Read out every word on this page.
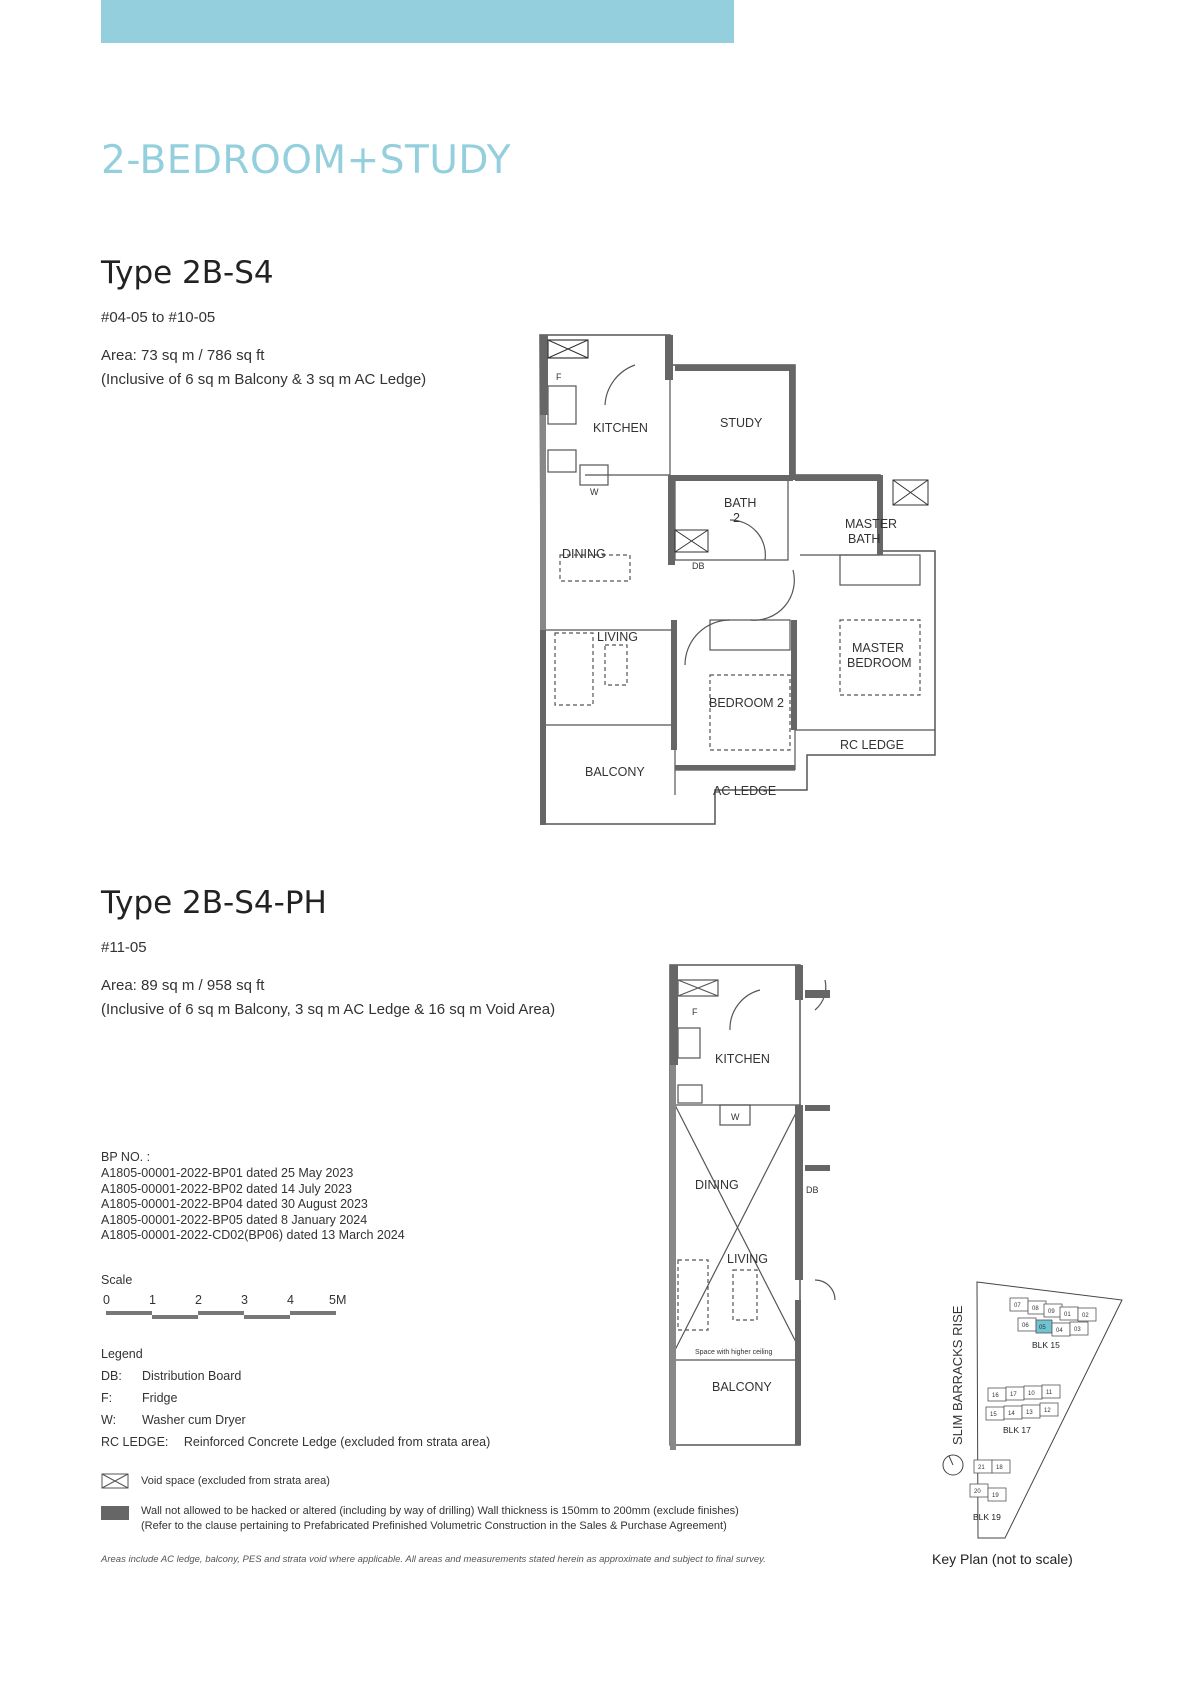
2-BEDROOM+STUDY
Type 2B-S4
#04-05 to #10-05
Area: 73 sq m / 786 sq ft
(Inclusive of 6 sq m Balcony & 3 sq m AC Ledge)
KITCHEN	STUDY
BATH
2	MASTER
BATH
DINING
LIVING
MASTER
BEDROOM
BEDROOM 2
RC LEDGE
BALCONY
AC LEDGE
DB
F
W
Type 2B-S4-PH
#11-05
Area: 89 sq m / 958 sq ft
(Inclusive of 6 sq m Balcony, 3 sq m AC Ledge & 16 sq m Void Area)
KITCHEN
DINING
LIVING
BALCONY
Space with higher ceiling
DB
F
W
BP NO. :
A1805-00001-2022-BP01 dated 25 May 2023
A1805-00001-2022-BP02 dated 14 July 2023
A1805-00001-2022-BP04 dated 30 August 2023
A1805-00001-2022-BP05 dated 8 January 2024
A1805-00001-2022-CD02(BP06) dated 13 March 2024
Scale
0	1	2	3	4	5M
Legend
DB: Distribution Board
F: Fridge
W: Washer cum Dryer
RC LEDGE: Reinforced Concrete Ledge (excluded from strata area)
Void space (excluded from strata area)
Wall not allowed to be hacked or altered (including by way of drilling) Wall thickness is 150mm to 200mm (exclude finishes)
(Refer to the clause pertaining to Prefabricated Prefinished Volumetric Construction in the Sales & Purchase Agreement)
Areas include AC ledge, balcony, PES and strata void where applicable. All areas and measurements stated herein as approximate and subject to final survey.
SLIM BARRACKS RISE	07 08 09 01 02
06 05 04 03
BLK 15
16 17 10 11
15 14 13 12
BLK 17
21 18
20
19
BLK 19
Key Plan (not to scale)
